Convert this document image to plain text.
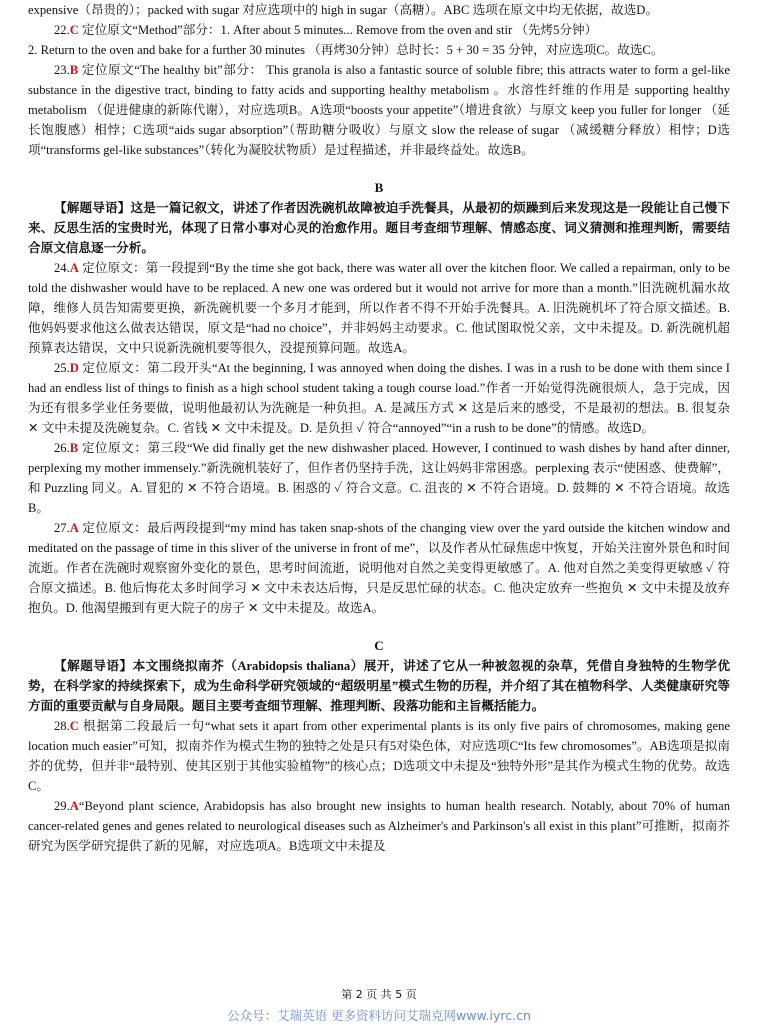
expensive（昂贵的）；packed with sugar 对应选项中的 high in sugar（高糖）。ABC 选项在原文中均无依据，故选D。

22.C 定位原文“Method”部分：1. After about 5 minutes... Remove from the oven and stir （先烤5分钟）

2. Return to the oven and bake for a further 30 minutes （再烤30分钟）总时长：5 + 30 = 35 分钟，对应选项C。故选C。

23.B 定位原文“The healthy bit”部分： This granola is also a fantastic source of soluble fibre; this attracts water to form a gel-like substance in the digestive tract, binding to fatty acids and supporting healthy metabolism 。水溶性纤维的作用是 supporting healthy metabolism （促进健康的新陈代谢），对应选项B。A选项“boosts your appetite”（增进食欲）与原文 keep you fuller for longer （延长饱腹感）相悖；C选项“aids sugar absorption”（帮助糖分吸收）与原文 slow the release of sugar （减缓糖分释放）相悖；D选项“transforms gel-like substances”（转化为凝胶状物质）是过程描述，并非最终益处。故选B。

B

【解题导语】这是一篇记叙文，讲述了作者因洗碗机故障被迫手洗餐具，从最初的烦躁到后来发现这是一段能让自己慢下来、反思生活的宝贵时光，体现了日常小事对心灵的治愈作用。题目考查细节理解、情感态度、词义猜测和推理判断，需要结合原文信息逐一分析。

24.A 定位原文：第一段提到“By the time she got back, there was water all over the kitchen floor. We called a repairman, only to be told the dishwasher would have to be replaced. A new one was ordered but it would not arrive for more than a month.”旧洗碗机漏水故障，维修人员告知需要更换，新洗碗机要一个多月才能到，所以作者不得不开始手洗餐具。A. 旧洗碗机坏了符合原文描述。B. 他妈妈要求他这么做表达错误，原文是“had no choice”，并非妈妈主动要求。C. 他试图取悦父亲，文中未提及。D. 新洗碗机超预算表达错误，文中只说新洗碗机要等很久，没提预算问题。故选A。

25.D 定位原文：第二段开头“At the beginning, I was annoyed when doing the dishes. I was in a rush to be done with them since I had an endless list of things to finish as a high school student taking a tough course load.”作者一开始觉得洗碗很烦人，急于完成，因为还有很多学业任务要做，说明他最初认为洗碗是一种负担。A. 是减压方式 ✕ 这是后来的感受，不是最初的想法。B. 很复杂 ✕ 文中未提及洗碗复杂。C. 省钱 ✕ 文中未提及。D. 是负担 ✓ 符合“annoyed”“in a rush to be done”的情感。故选D。

26.B 定位原文：第三段“We did finally get the new dishwasher placed. However, I continued to wash dishes by hand after dinner, perplexing my mother immensely.”新洗碗机装好了，但作者仍坚持手洗，这让妈妈非常困惑。perplexing 表示“使困惑、使费解”，和 Puzzling 同义。A. 冒犯的 ✕ 不符合语境。B. 困惑的 ✓ 符合文意。C. 沮丧的 ✕ 不符合语境。D. 鼓舞的 ✕ 不符合语境。故选B。

27.A 定位原文：最后两段提到“my mind has taken snap-shots of the changing view over the yard outside the kitchen window and meditated on the passage of time in this sliver of the universe in front of me”，以及作者从忙碌焦虑中恢复，开始关注窗外景色和时间流逝。作者在洗碗时观察窗外变化的景色，思考时间流逝，说明他对自然之美变得更敏感了。A. 他对自然之美变得更敏感 ✓ 符合原文描述。B. 他后悔花太多时间学习 ✕ 文中未表达后悔，只是反思忙碌的状态。C. 他决定放弃一些抱负 ✕ 文中未提及放弃抱负。D. 他渴望搬到有更大院子的房子 ✕ 文中未提及。故选A。

C

【解题导语】本文围绕拟南芥（Arabidopsis thaliana）展开，讲述了它从一种被忽视的杂草，凭借自身独特的生物学优势，在科学家的持续探索下，成为生命科学研究领域的“超级明星”模式生物的历程，并介绍了其在植物科学、人类健康研究等方面的重要贡献与自身局限。题目主要考查细节理解、推理判断、段落功能和主旨概括能力。

28.C 根据第二段最后一句“what sets it apart from other experimental plants is its only five pairs of chromosomes, making gene location much easier”可知，拟南芥作为模式生物的独特之处是只有5对染色体，对应选项C“Its few chromosomes”。AB选项是拟南芥的优势，但并非“最特别、使其区别于其他实验植物”的核心点；D选项文中未提及“独特外形”是其作为模式生物的优势。故选C。

29.A“Beyond plant science, Arabidopsis has also brought new insights to human health research. Notably, about 70% of human cancer-related genes and genes related to neurological diseases such as Alzheimer's and Parkinson's all exist in this plant”可推断，拟南芥研究为医学研究提供了新的见解，对应选项A。B选项文中未提及

第 2 页 共 5 页
公众号：艾瑞英语 更多资料访问艾瑞克网www.iyrc.cn
